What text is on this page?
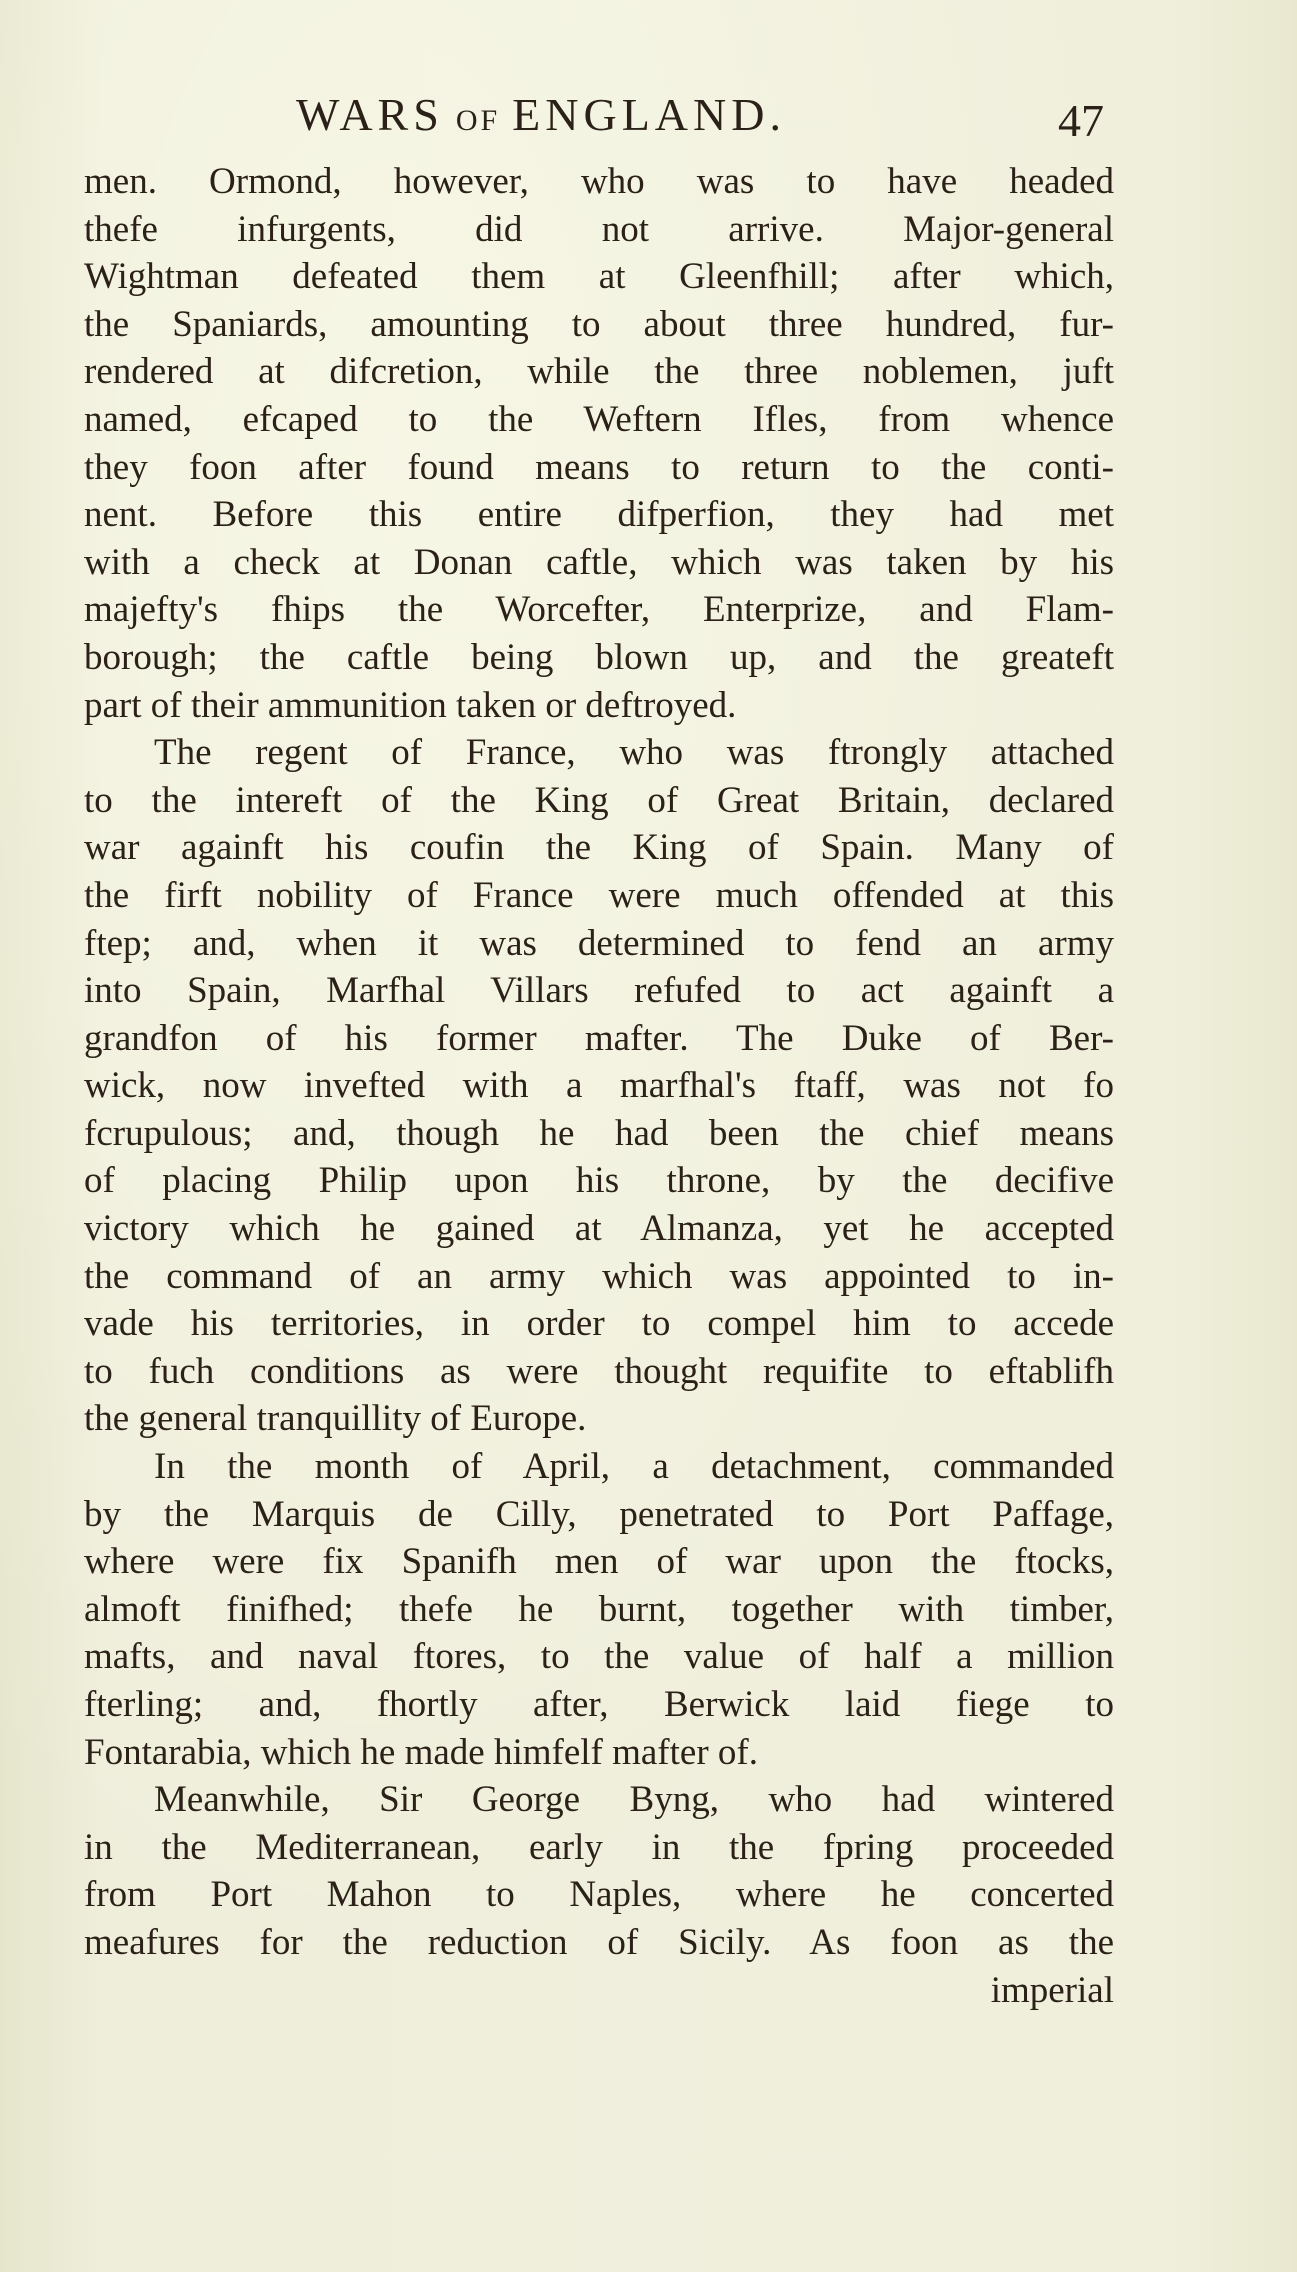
WARS OF ENGLAND.	47
men. Ormond, however, who was to have headed
thefe infurgents, did not arrive. Major-general
Wightman defeated them at Gleenfhill; after which,
the Spaniards, amounting to about three hundred, fur-
rendered at difcretion, while the three noblemen, juft
named, efcaped to the Weftern Ifles, from whence
they foon after found means to return to the conti-
nent. Before this entire difperfion, they had met
with a check at Donan caftle, which was taken by his
majefty's fhips the Worcefter, Enterprize, and Flam-
borough; the caftle being blown up, and the greateft
part of their ammunition taken or deftroyed.
The regent of France, who was ftrongly attached
to the intereft of the King of Great Britain, declared
war againft his coufin the King of Spain. Many of
the firft nobility of France were much offended at this
ftep; and, when it was determined to fend an army
into Spain, Marfhal Villars refufed to act againft a
grandfon of his former mafter. The Duke of Ber-
wick, now invefted with a marfhal's ftaff, was not fo
fcrupulous; and, though he had been the chief means
of placing Philip upon his throne, by the decifive
victory which he gained at Almanza, yet he accepted
the command of an army which was appointed to in-
vade his territories, in order to compel him to accede
to fuch conditions as were thought requifite to eftablifh
the general tranquillity of Europe.
In the month of April, a detachment, commanded
by the Marquis de Cilly, penetrated to Port Paffage,
where were fix Spanifh men of war upon the ftocks,
almoft finifhed; thefe he burnt, together with timber,
mafts, and naval ftores, to the value of half a million
fterling; and, fhortly after, Berwick laid fiege to
Fontarabia, which he made himfelf mafter of.
Meanwhile, Sir George Byng, who had wintered
in the Mediterranean, early in the fpring proceeded
from Port Mahon to Naples, where he concerted
meafures for the reduction of Sicily. As foon as the
imperial
